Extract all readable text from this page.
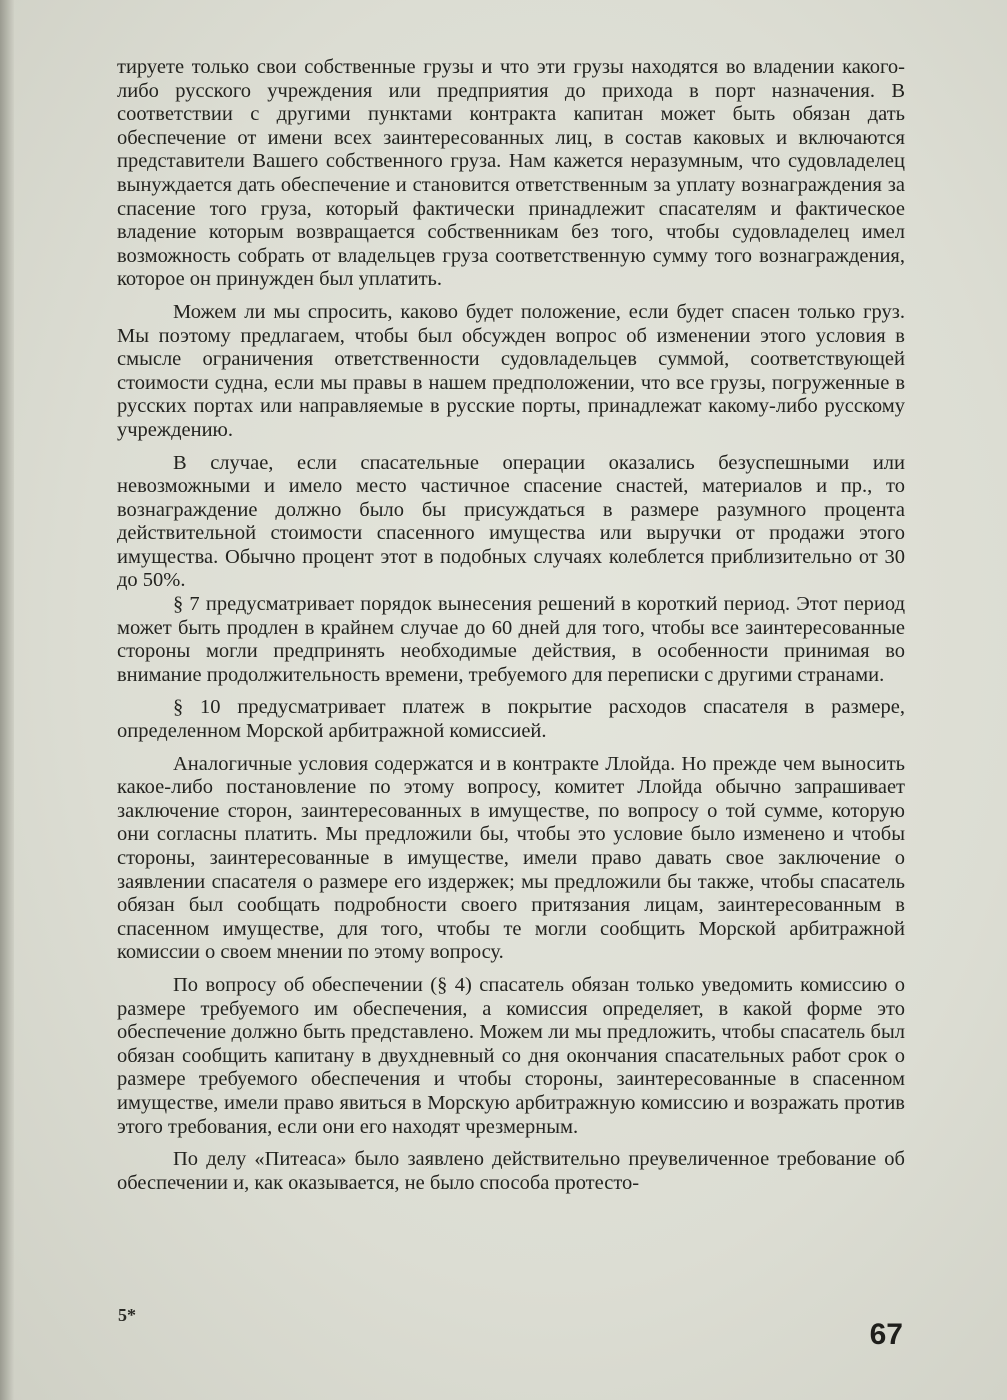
тируете только свои собственные грузы и что эти грузы находятся во владении какого-либо русского учреждения или предприятия до прихода в порт назначения. В соответствии с другими пунктами контракта капитан может быть обязан дать обеспечение от имени всех заинтересованных лиц, в состав каковых и включаются представители Вашего собственного груза. Нам кажется неразумным, что судовладелец вынуждается дать обеспечение и становится ответственным за уплату вознаграждения за спасение того груза, который фактически принадлежит спасателям и фактическое владение которым возвращается собственникам без того, чтобы судовладелец имел возможность собрать от владельцев груза соответственную сумму того вознаграждения, которое он принужден был уплатить.

Можем ли мы спросить, каково будет положение, если будет спасен только груз. Мы поэтому предлагаем, чтобы был обсужден вопрос об изменении этого условия в смысле ограничения ответственности судовладельцев суммой, соответствующей стоимости судна, если мы правы в нашем предположении, что все грузы, погруженные в русских портах или направляемые в русские порты, принадлежат какому-либо русскому учреждению.

В случае, если спасательные операции оказались безуспешными или невозможными и имело место частичное спасение снастей, материалов и пр., то вознаграждение должно было бы присуждаться в размере разумного процента действительной стоимости спасенного имущества или выручки от продажи этого имущества. Обычно процент этот в подобных случаях колеблется приблизительно от 30 до 50%.

§ 7 предусматривает порядок вынесения решений в короткий период. Этот период может быть продлен в крайнем случае до 60 дней для того, чтобы все заинтересованные стороны могли предпринять необходимые действия, в особенности принимая во внимание продолжительность времени, требуемого для переписки с другими странами.

§ 10 предусматривает платеж в покрытие расходов спасателя в размере, определенном Морской арбитражной комиссией.

Аналогичные условия содержатся и в контракте Ллойда. Но прежде чем выносить какое-либо постановление по этому вопросу, комитет Ллойда обычно запрашивает заключение сторон, заинтересованных в имуществе, по вопросу о той сумме, которую они согласны платить. Мы предложили бы, чтобы это условие было изменено и чтобы стороны, заинтересованные в имуществе, имели право давать свое заключение о заявлении спасателя о размере его издержек; мы предложили бы также, чтобы спасатель обязан был сообщать подробности своего притязания лицам, заинтересованным в спасенном имуществе, для того, чтобы те могли сообщить Морской арбитражной комиссии о своем мнении по этому вопросу.

По вопросу об обеспечении (§ 4) спасатель обязан только уведомить комиссию о размере требуемого им обеспечения, а комиссия определяет, в какой форме это обеспечение должно быть представлено. Можем ли мы предложить, чтобы спасатель был обязан сообщить капитану в двухдневный со дня окончания спасательных работ срок о размере требуемого обеспечения и чтобы стороны, заинтересованные в спасенном имуществе, имели право явиться в Морскую арбитражную комиссию и возражать против этого требования, если они его находят чрезмерным.

По делу «Питеаса» было заявлено действительно преувеличенное требование об обеспечении и, как оказывается, не было способа протесто-

5*
67
